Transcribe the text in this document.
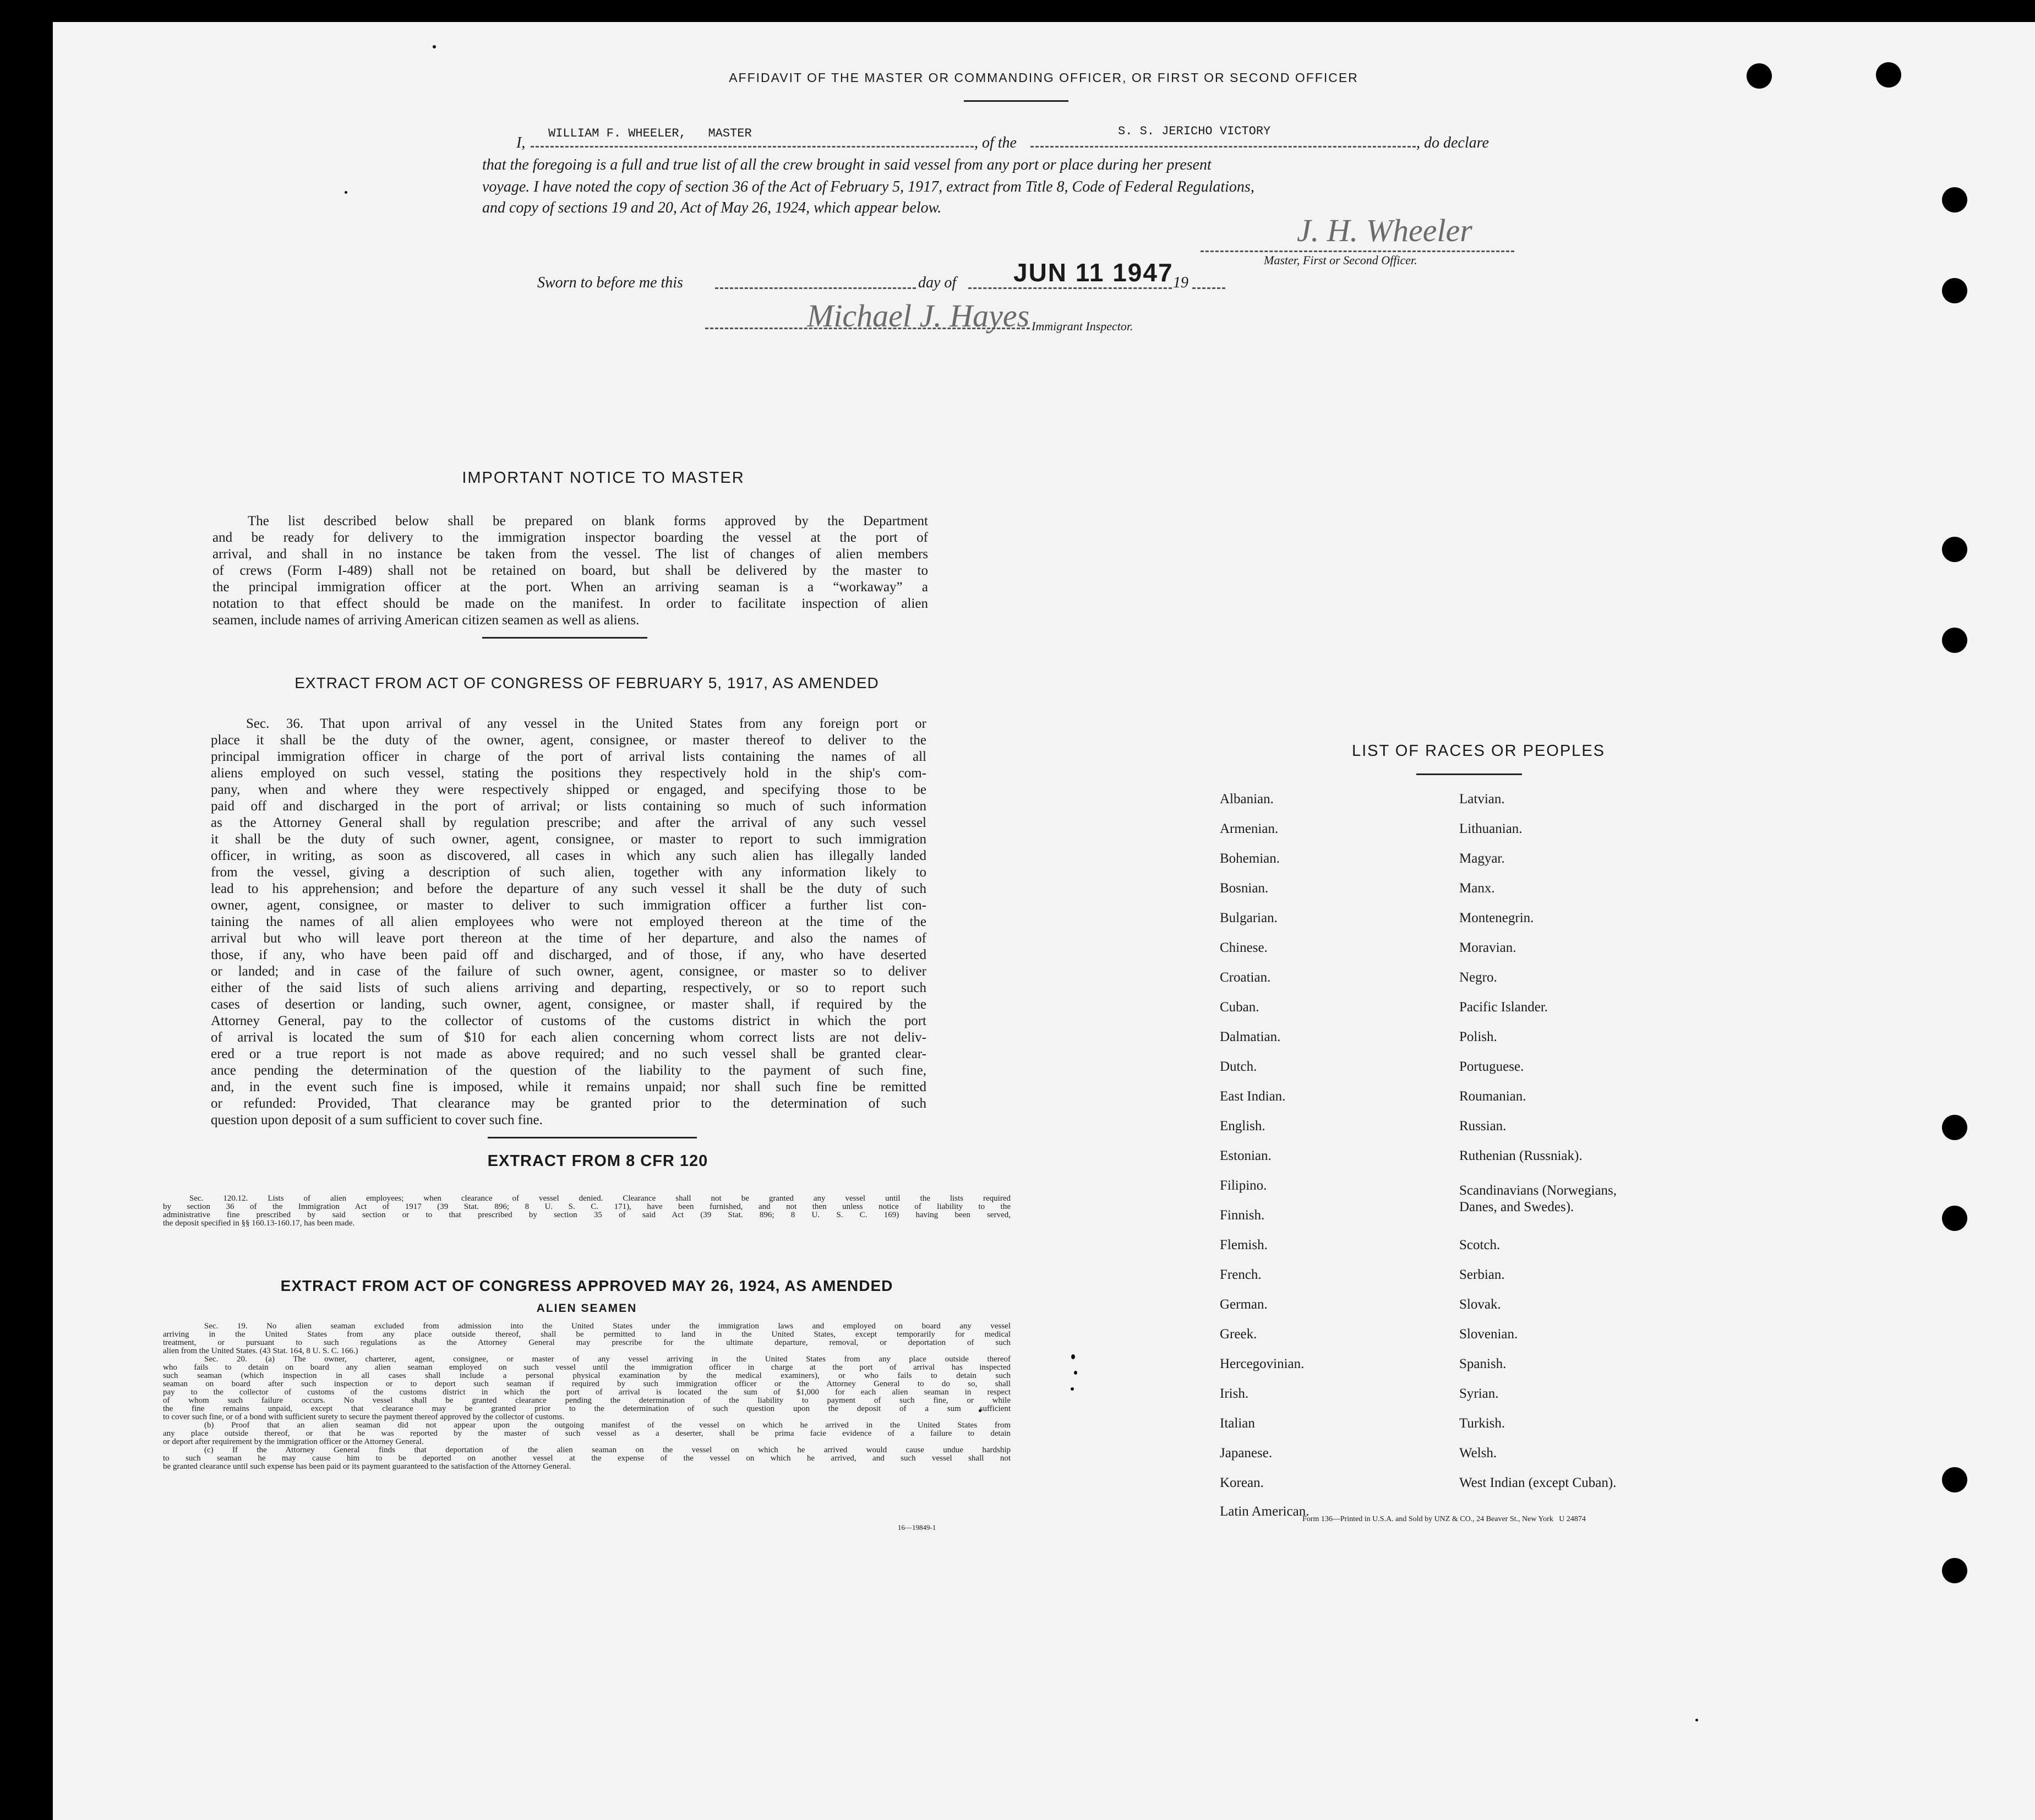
AFFIDAVIT OF THE MASTER OR COMMANDING OFFICER, OR FIRST OR SECOND OFFICER
I,
WILLIAM F. WHEELER,   MASTER
, of the
S. S. JERICHO VICTORY
, do declare
that the foregoing is a full and true list of all the crew brought in said vessel from any port or place during her present
voyage. I have noted the copy of section 36 of the Act of February 5, 1917, extract from Title 8, Code of Federal Regulations,
and copy of sections 19 and 20, Act of May 26, 1924, which appear below.
J. H. Wheeler
Master, First or Second Officer.
Sworn to before me this	day of JUN 11 1947 19
Michael J. Hayes Immigrant Inspector.
IMPORTANT NOTICE TO MASTER
The list described below shall be prepared on blank forms approved by the Department
and be ready for delivery to the immigration inspector boarding the vessel at the port of
arrival, and shall in no instance be taken from the vessel. The list of changes of alien members
of crews (Form I-489) shall not be retained on board, but shall be delivered by the master to
the principal immigration officer at the port. When an arriving seaman is a “workaway” a
notation to that effect should be made on the manifest. In order to facilitate inspection of alien
seamen, include names of arriving American citizen seamen as well as aliens.
EXTRACT FROM ACT OF CONGRESS OF FEBRUARY 5, 1917, AS AMENDED
Sec. 36. That upon arrival of any vessel in the United States from any foreign port or
place it shall be the duty of the owner, agent, consignee, or master thereof to deliver to the
principal immigration officer in charge of the port of arrival lists containing the names of all
aliens employed on such vessel, stating the positions they respectively hold in the ship's com-
pany, when and where they were respectively shipped or engaged, and specifying those to be
paid off and discharged in the port of arrival; or lists containing so much of such information
as the Attorney General shall by regulation prescribe; and after the arrival of any such vessel
it shall be the duty of such owner, agent, consignee, or master to report to such immigration
officer, in writing, as soon as discovered, all cases in which any such alien has illegally landed
from the vessel, giving a description of such alien, together with any information likely to
lead to his apprehension; and before the departure of any such vessel it shall be the duty of such
owner, agent, consignee, or master to deliver to such immigration officer a further list con-
taining the names of all alien employees who were not employed thereon at the time of the
arrival but who will leave port thereon at the time of her departure, and also the names of
those, if any, who have been paid off and discharged, and of those, if any, who have deserted
or landed; and in case of the failure of such owner, agent, consignee, or master so to deliver
either of the said lists of such aliens arriving and departing, respectively, or so to report such
cases of desertion or landing, such owner, agent, consignee, or master shall, if required by the
Attorney General, pay to the collector of customs of the customs district in which the port
of arrival is located the sum of $10 for each alien concerning whom correct lists are not deliv-
ered or a true report is not made as above required; and no such vessel shall be granted clear-
ance pending the determination of the question of the liability to the payment of such fine,
and, in the event such fine is imposed, while it remains unpaid; nor shall such fine be remitted
or refunded: Provided, That clearance may be granted prior to the determination of such
question upon deposit of a sum sufficient to cover such fine.
EXTRACT FROM 8 CFR 120
Sec. 120.12. Lists of alien employees; when clearance of vessel denied. Clearance shall not be granted any vessel until the lists required
by section 36 of the Immigration Act of 1917 (39 Stat. 896; 8 U. S. C. 171), have been furnished, and not then unless notice of liability to the
administrative fine prescribed by said section or to that prescribed by section 35 of said Act (39 Stat. 896; 8 U. S. C. 169) having been served,
the deposit specified in §§ 160.13-160.17, has been made.
EXTRACT FROM ACT OF CONGRESS APPROVED MAY 26, 1924, AS AMENDED
ALIEN SEAMEN
Sec. 19. No alien seaman excluded from admission into the United States under the immigration laws and employed on board any vessel
arriving in the United States from any place outside thereof, shall be permitted to land in the United States, except temporarily for medical
treatment, or pursuant to such regulations as the Attorney General may prescribe for the ultimate departure, removal, or deportation of such
alien from the United States. (43 Stat. 164, 8 U. S. C. 166.)
Sec. 20. (a) The owner, charterer, agent, consignee, or master of any vessel arriving in the United States from any place outside thereof
who fails to detain on board any alien seaman employed on such vessel until the immigration officer in charge at the port of arrival has inspected
such seaman (which inspection in all cases shall include a personal physical examination by the medical examiners), or who fails to detain such
seaman on board after such inspection or to deport such seaman if required by such immigration officer or the Attorney General to do so, shall
pay to the collector of customs of the customs district in which the port of arrival is located the sum of $1,000 for each alien seaman in respect
of whom such failure occurs. No vessel shall be granted clearance pending the determination of the liability to payment of such fine, or while
the fine remains unpaid, except that clearance may be granted prior to the determination of such question upon the deposit of a sum sufficient
to cover such fine, or of a bond with sufficient surety to secure the payment thereof approved by the collector of customs.
(b) Proof that an alien seaman did not appear upon the outgoing manifest of the vessel on which he arrived in the United States from
any place outside thereof, or that he was reported by the master of such vessel as a deserter, shall be prima facie evidence of a failure to detain
or deport after requirement by the immigration officer or the Attorney General.
(c) If the Attorney General finds that deportation of the alien seaman on the vessel on which he arrived would cause undue hardship
to such seaman he may cause him to be deported on another vessel at the expense of the vessel on which he arrived, and such vessel shall not
be granted clearance until such expense has been paid or its payment guaranteed to the satisfaction of the Attorney General.
16—19849-1
LIST OF RACES OR PEOPLES
Albanian.
Armenian.
Bohemian.
Bosnian.
Bulgarian.
Chinese.
Croatian.
Cuban.
Dalmatian.
Dutch.
East Indian.
English.
Estonian.
Filipino.
Finnish.
Flemish.
French.
German.
Greek.
Hercegovinian.
Irish.
Italian
Japanese.
Korean.
Latin American.
Latvian.
Lithuanian.
Magyar.
Manx.
Montenegrin.
Moravian.
Negro.
Pacific Islander.
Polish.
Portuguese.
Roumanian.
Russian.
Ruthenian (Russniak).
Scandinavians (Norwegians, Danes, and Swedes).
Scotch.
Serbian.
Slovak.
Slovenian.
Spanish.
Syrian.
Turkish.
Welsh.
West Indian (except Cuban).
Form 136—Printed in U.S.A. and Sold by UNZ & CO., 24 Beaver St., New York   U 24874
